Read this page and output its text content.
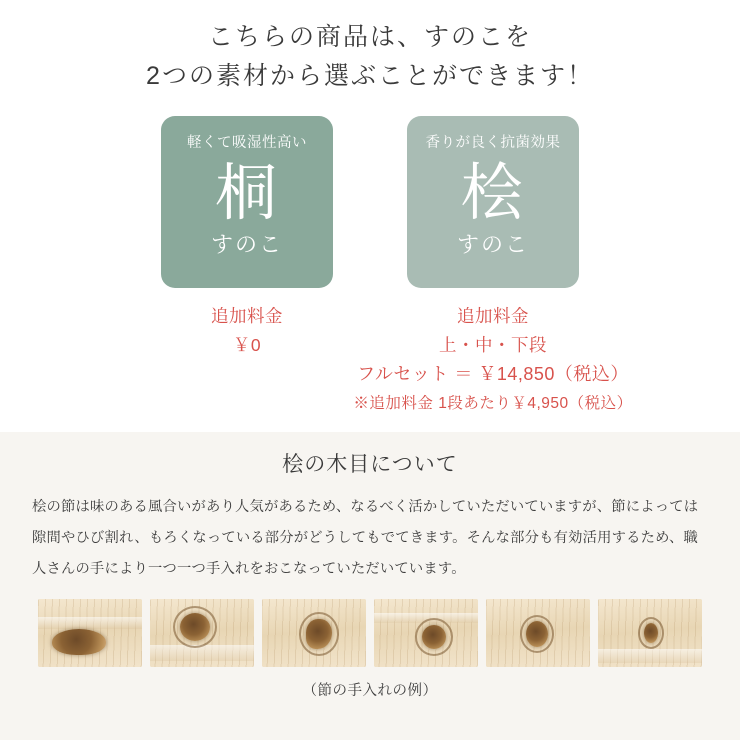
こちらの商品は、すのこを
2つの素材から選ぶことができます！
軽くて吸湿性高い
桐
すのこ
追加料金
￥0
香りが良く抗菌効果
桧
すのこ
追加料金
上・中・下段
フルセット ＝ ￥14,850（税込）
※追加料金 1段あたり￥4,950（税込）
桧の木目について
桧の節は味のある風合いがあり人気があるため、なるべく活かしていただいていますが、節によっては隙間やひび割れ、もろくなっている部分がどうしてもでてきます。そんな部分も有効活用するため、職人さんの手により一つ一つ手入れをおこなっていただいています。
（節の手入れの例）
